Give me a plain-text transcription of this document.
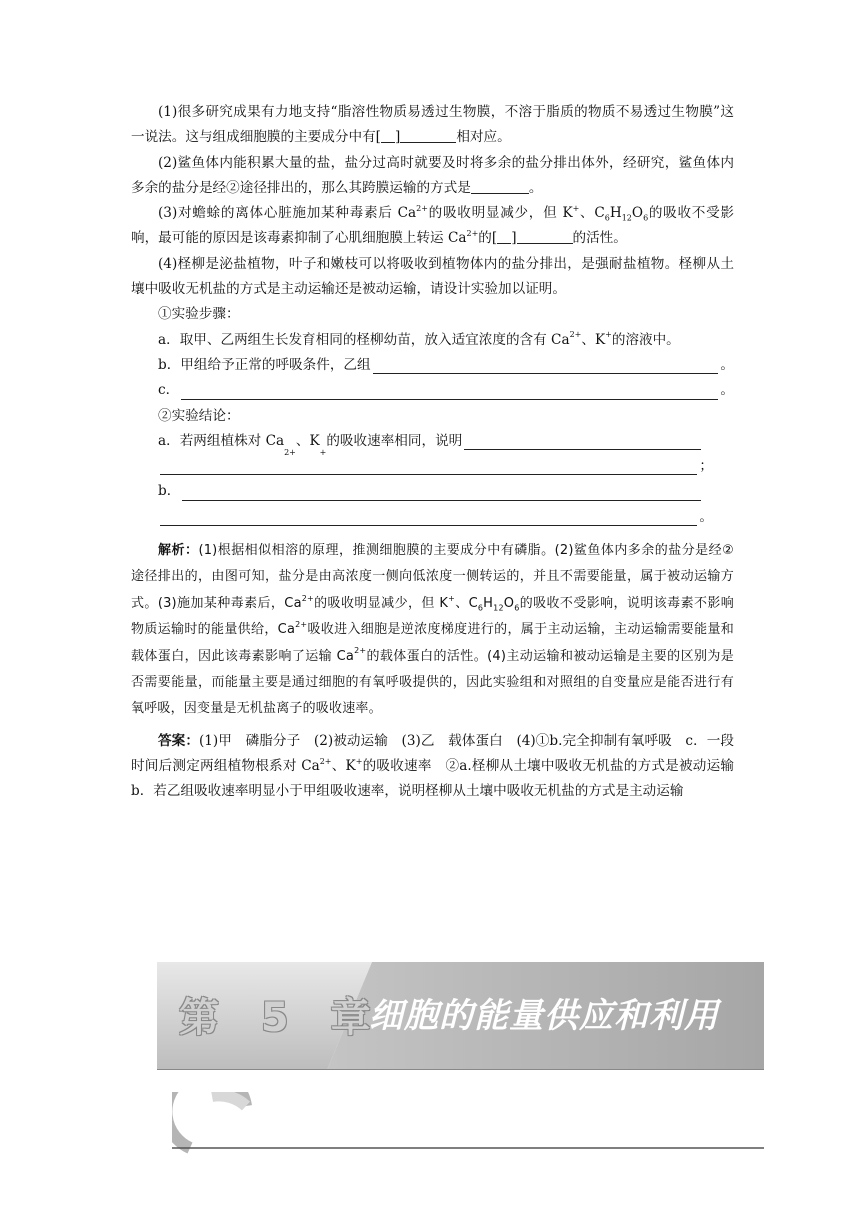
(1)很多研究成果有力地支持“脂溶性物质易透过生物膜，不溶于脂质的物质不易透过生物膜”这一说法。这与组成细胞膜的主要成分中有[ ]	相对应。

(2)鲨鱼体内能积累大量的盐，盐分过高时就要及时将多余的盐分排出体外，经研究，鲨鱼体内多余的盐分是经②途径排出的，那么其跨膜运输的方式是	。

(3)对蟾蜍的离体心脏施加某种毒素后 $Ca^{2+}$的吸收明显减少，但 K+、$C_6H_{12}O_6$的吸收不受影响，最可能的原因是该毒素抑制了心肌细胞膜上转运 $Ca^{2+}$的[ ]	的活性。

(4)柽柳是泌盐植物，叶子和嫩枝可以将吸收到植物体内的盐分排出，是强耐盐植物。柽柳从土壤中吸收无机盐的方式是主动运输还是被动运输，请设计实验加以证明。

①实验步骤：

a．取甲、乙两组生长发育相同的柽柳幼苗，放入适宜浓度的含有 $Ca^{2+}$、K+的溶液中。

b．甲组给予正常的呼吸条件，乙组	。
c．	。

②实验结论：

a．若两组植株对 Ca
$^{2+}$
、K
+
的吸收速率相同，说明
；
b．
。

解析：(1)根据相似相溶的原理，推测细胞膜的主要成分中有磷脂。(2)鲨鱼体内多余的盐分是经②途径排出的，由图可知，盐分是由高浓度一侧向低浓度一侧转运的，并且不需要能量，属于被动运输方式。(3)施加某种毒素后，$Ca^{2+}$的吸收明显减少，但 K+、$C_6H_{12}O_6$的吸收不受影响，说明该毒素不影响物质运输时的能量供给，$Ca^{2+}$吸收进入细胞是逆浓度梯度进行的，属于主动运输，主动运输需要能量和载体蛋白，因此该毒素影响了运输 $Ca^{2+}$的载体蛋白的活性。(4)主动运输和被动运输是主要的区别为是否需要能量，而能量主要是通过细胞的有氧呼吸提供的，因此实验组和对照组的自变量应是能否进行有氧呼吸，因变量是无机盐离子的吸收速率。

答案：(1)甲　磷脂分子　(2)被动运输　(3)乙　载体蛋白　(4)①b.完全抑制有氧呼吸　c．一段时间后测定两组植物根系对 $Ca^{2+}$、K+的吸收速率　②a.柽柳从土壤中吸收无机盐的方式是被动运输　b．若乙组吸收速率明显小于甲组吸收速率，说明柽柳从土壤中吸收无机盐的方式是主动运输

第 5 章
细胞的能量供应和利用
